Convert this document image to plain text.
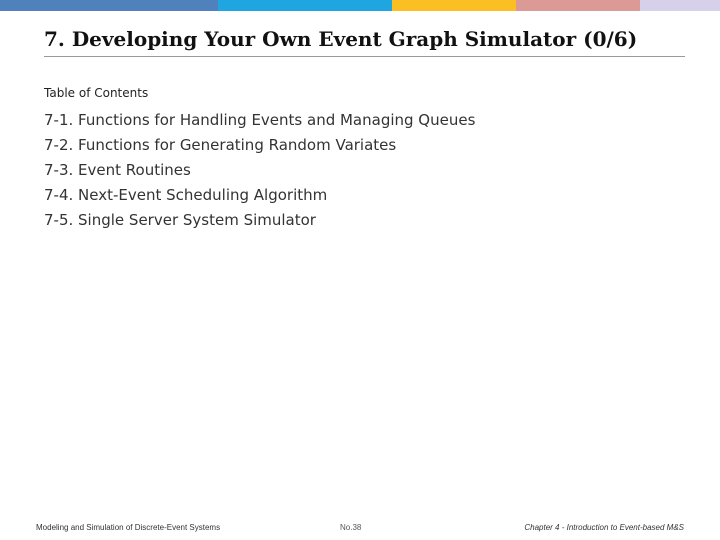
7. Developing Your Own Event Graph Simulator (0/6)
Table of Contents
7-1. Functions for Handling Events and Managing Queues
7-2. Functions for Generating Random Variates
7-3. Event Routines
7-4. Next-Event Scheduling Algorithm
7-5. Single Server System Simulator
Modeling and Simulation of Discrete-Event Systems	No.38	Chapter 4 - Introduction to Event-based M&S
